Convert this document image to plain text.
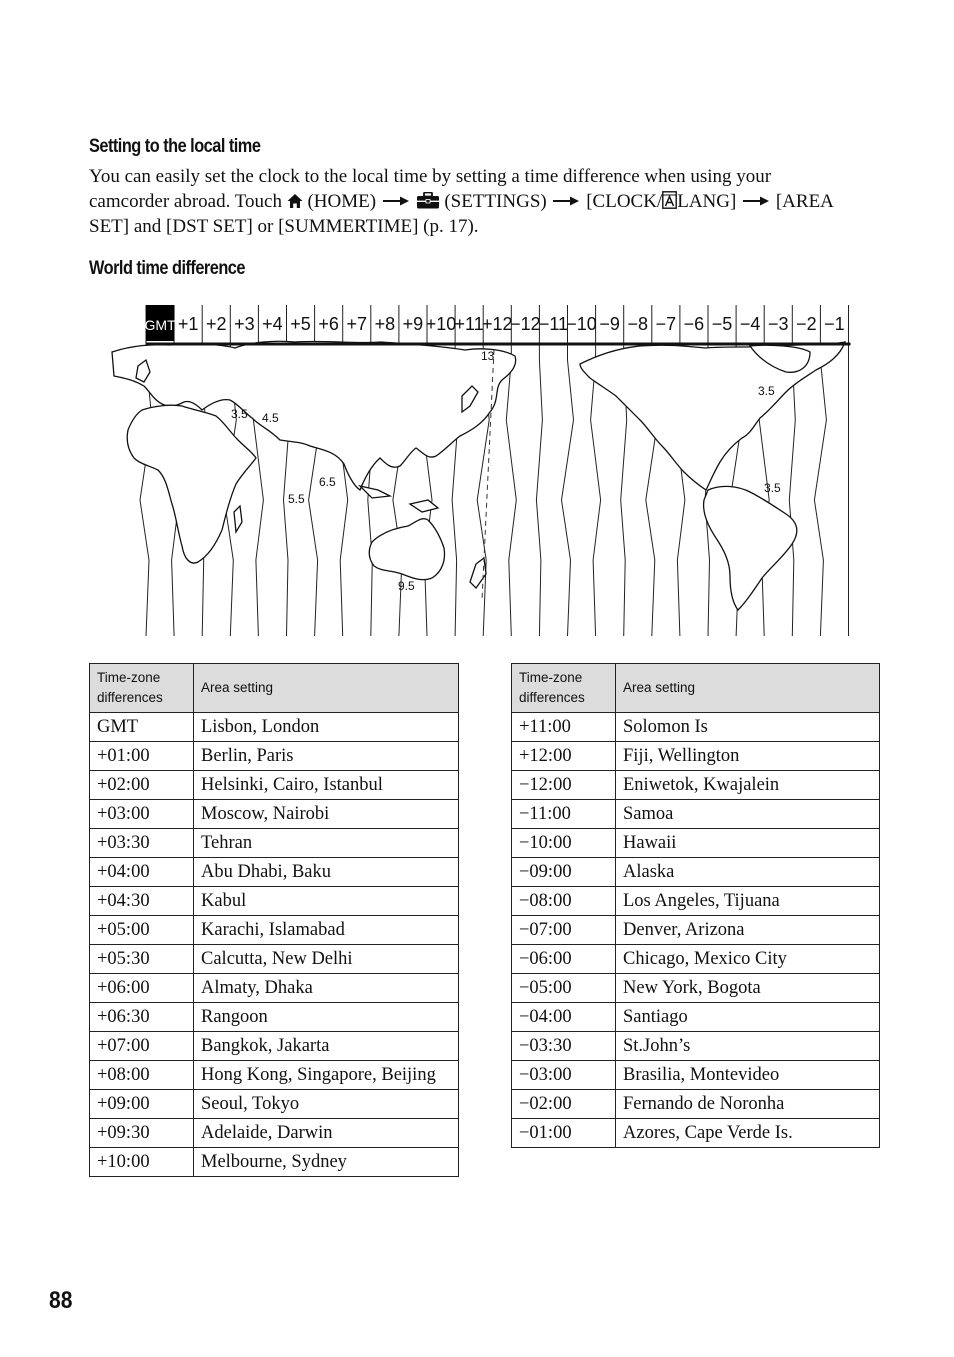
Setting to the local time
You can easily set the clock to the local time by setting a time difference when using your camcorder abroad. Touch (HOME)	(SETTINGS) [CLOCK/ LANG] [AREA SET] and [DST SET] or [SUMMERTIME] (p. 17).
World time difference
GMT +1 +2 +3 +4 +5 +6 +7 +8 +9 +10
+11
+12
−12
−11
−10 −9 −8 −7 −6 −5 −4 −3 −2 −1
3.5 4.5
5.5
6.5
9.5
13
3.5
3.5
Time-zone differences	Area setting
GMT	Lisbon, London
+01:00	Berlin, Paris
+02:00	Helsinki, Cairo, Istanbul
+03:00	Moscow, Nairobi
+03:30	Tehran
+04:00	Abu Dhabi, Baku
+04:30	Kabul
+05:00	Karachi, Islamabad
+05:30	Calcutta, New Delhi
+06:00	Almaty, Dhaka
+06:30	Rangoon
+07:00	Bangkok, Jakarta
+08:00	Hong Kong, Singapore, Beijing
+09:00	Seoul, Tokyo
+09:30	Adelaide, Darwin
+10:00	Melbourne, Sydney
Time-zone differences	Area setting
+11:00	Solomon Is
+12:00	Fiji, Wellington
−12:00	Eniwetok, Kwajalein
−11:00	Samoa
−10:00	Hawaii
−09:00	Alaska
−08:00	Los Angeles, Tijuana
−07:00	Denver, Arizona
−06:00	Chicago, Mexico City
−05:00	New York, Bogota
−04:00	Santiago
−03:30	St.John’s
−03:00	Brasilia, Montevideo
−02:00	Fernando de Noronha
−01:00	Azores, Cape Verde Is.
88
